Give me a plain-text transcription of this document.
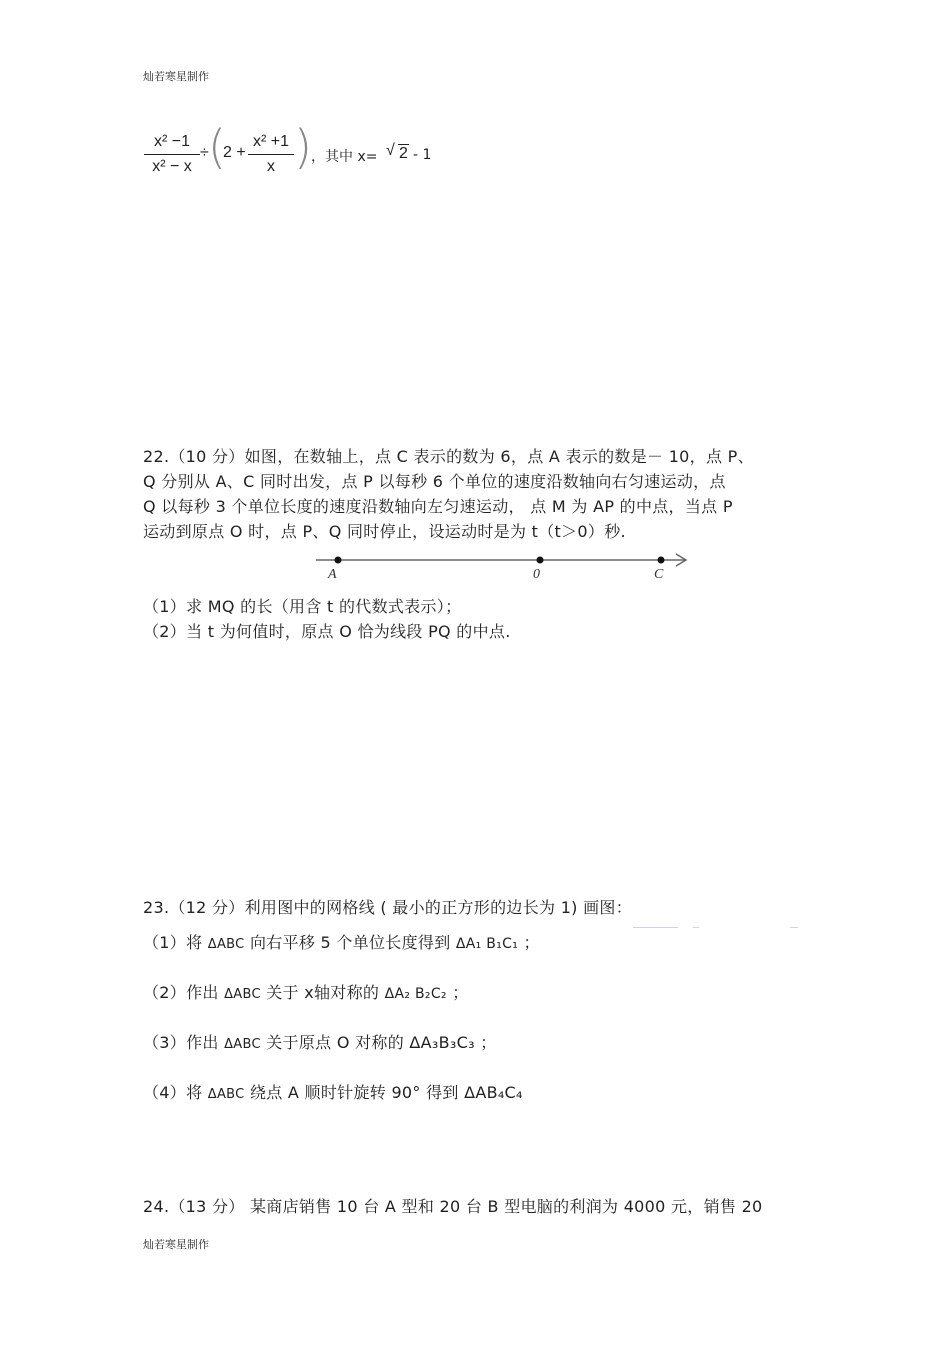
灿若寒星制作
x² −1
x² − x
÷ (
2 +
x² +1
x ) ，其中 x= √ 2 - 1
22.（10 分）如图，在数轴上，点 C 表示的数为 6，点 A 表示的数是－ 10，点 P、
Q 分别从 A、C 同时出发，点 P 以每秒 6 个单位的速度沿数轴向右匀速运动，点
Q 以每秒 3 个单位长度的速度沿数轴向左匀速运动， 点 M 为 AP 的中点，当点 P
运动到原点 O 时，点 P、Q 同时停止，设运动时是为 t（t＞0）秒.
A	0	C
（1）求 MQ 的长（用含 t 的代数式表示）；
（2）当 t 为何值时，原点 O 恰为线段 PQ 的中点.
23.（12 分）利用图中的网格线 ( 最小的正方形的边长为 1) 画图：
（1）将 ΔABC 向右平移 5 个单位长度得到 ΔA₁ B₁C₁ ；
（2）作出 ΔABC 关于 x轴对称的 ΔA₂ B₂C₂ ；
（3）作出 ΔABC 关于原点 O 对称的 ΔA₃B₃C₃ ；
（4）将 ΔABC 绕点 A 顺时针旋转 90° 得到 ΔAB₄C₄
24.（13 分） 某商店销售 10 台 A 型和 20 台 B 型电脑的利润为 4000 元，销售 20
灿若寒星制作
